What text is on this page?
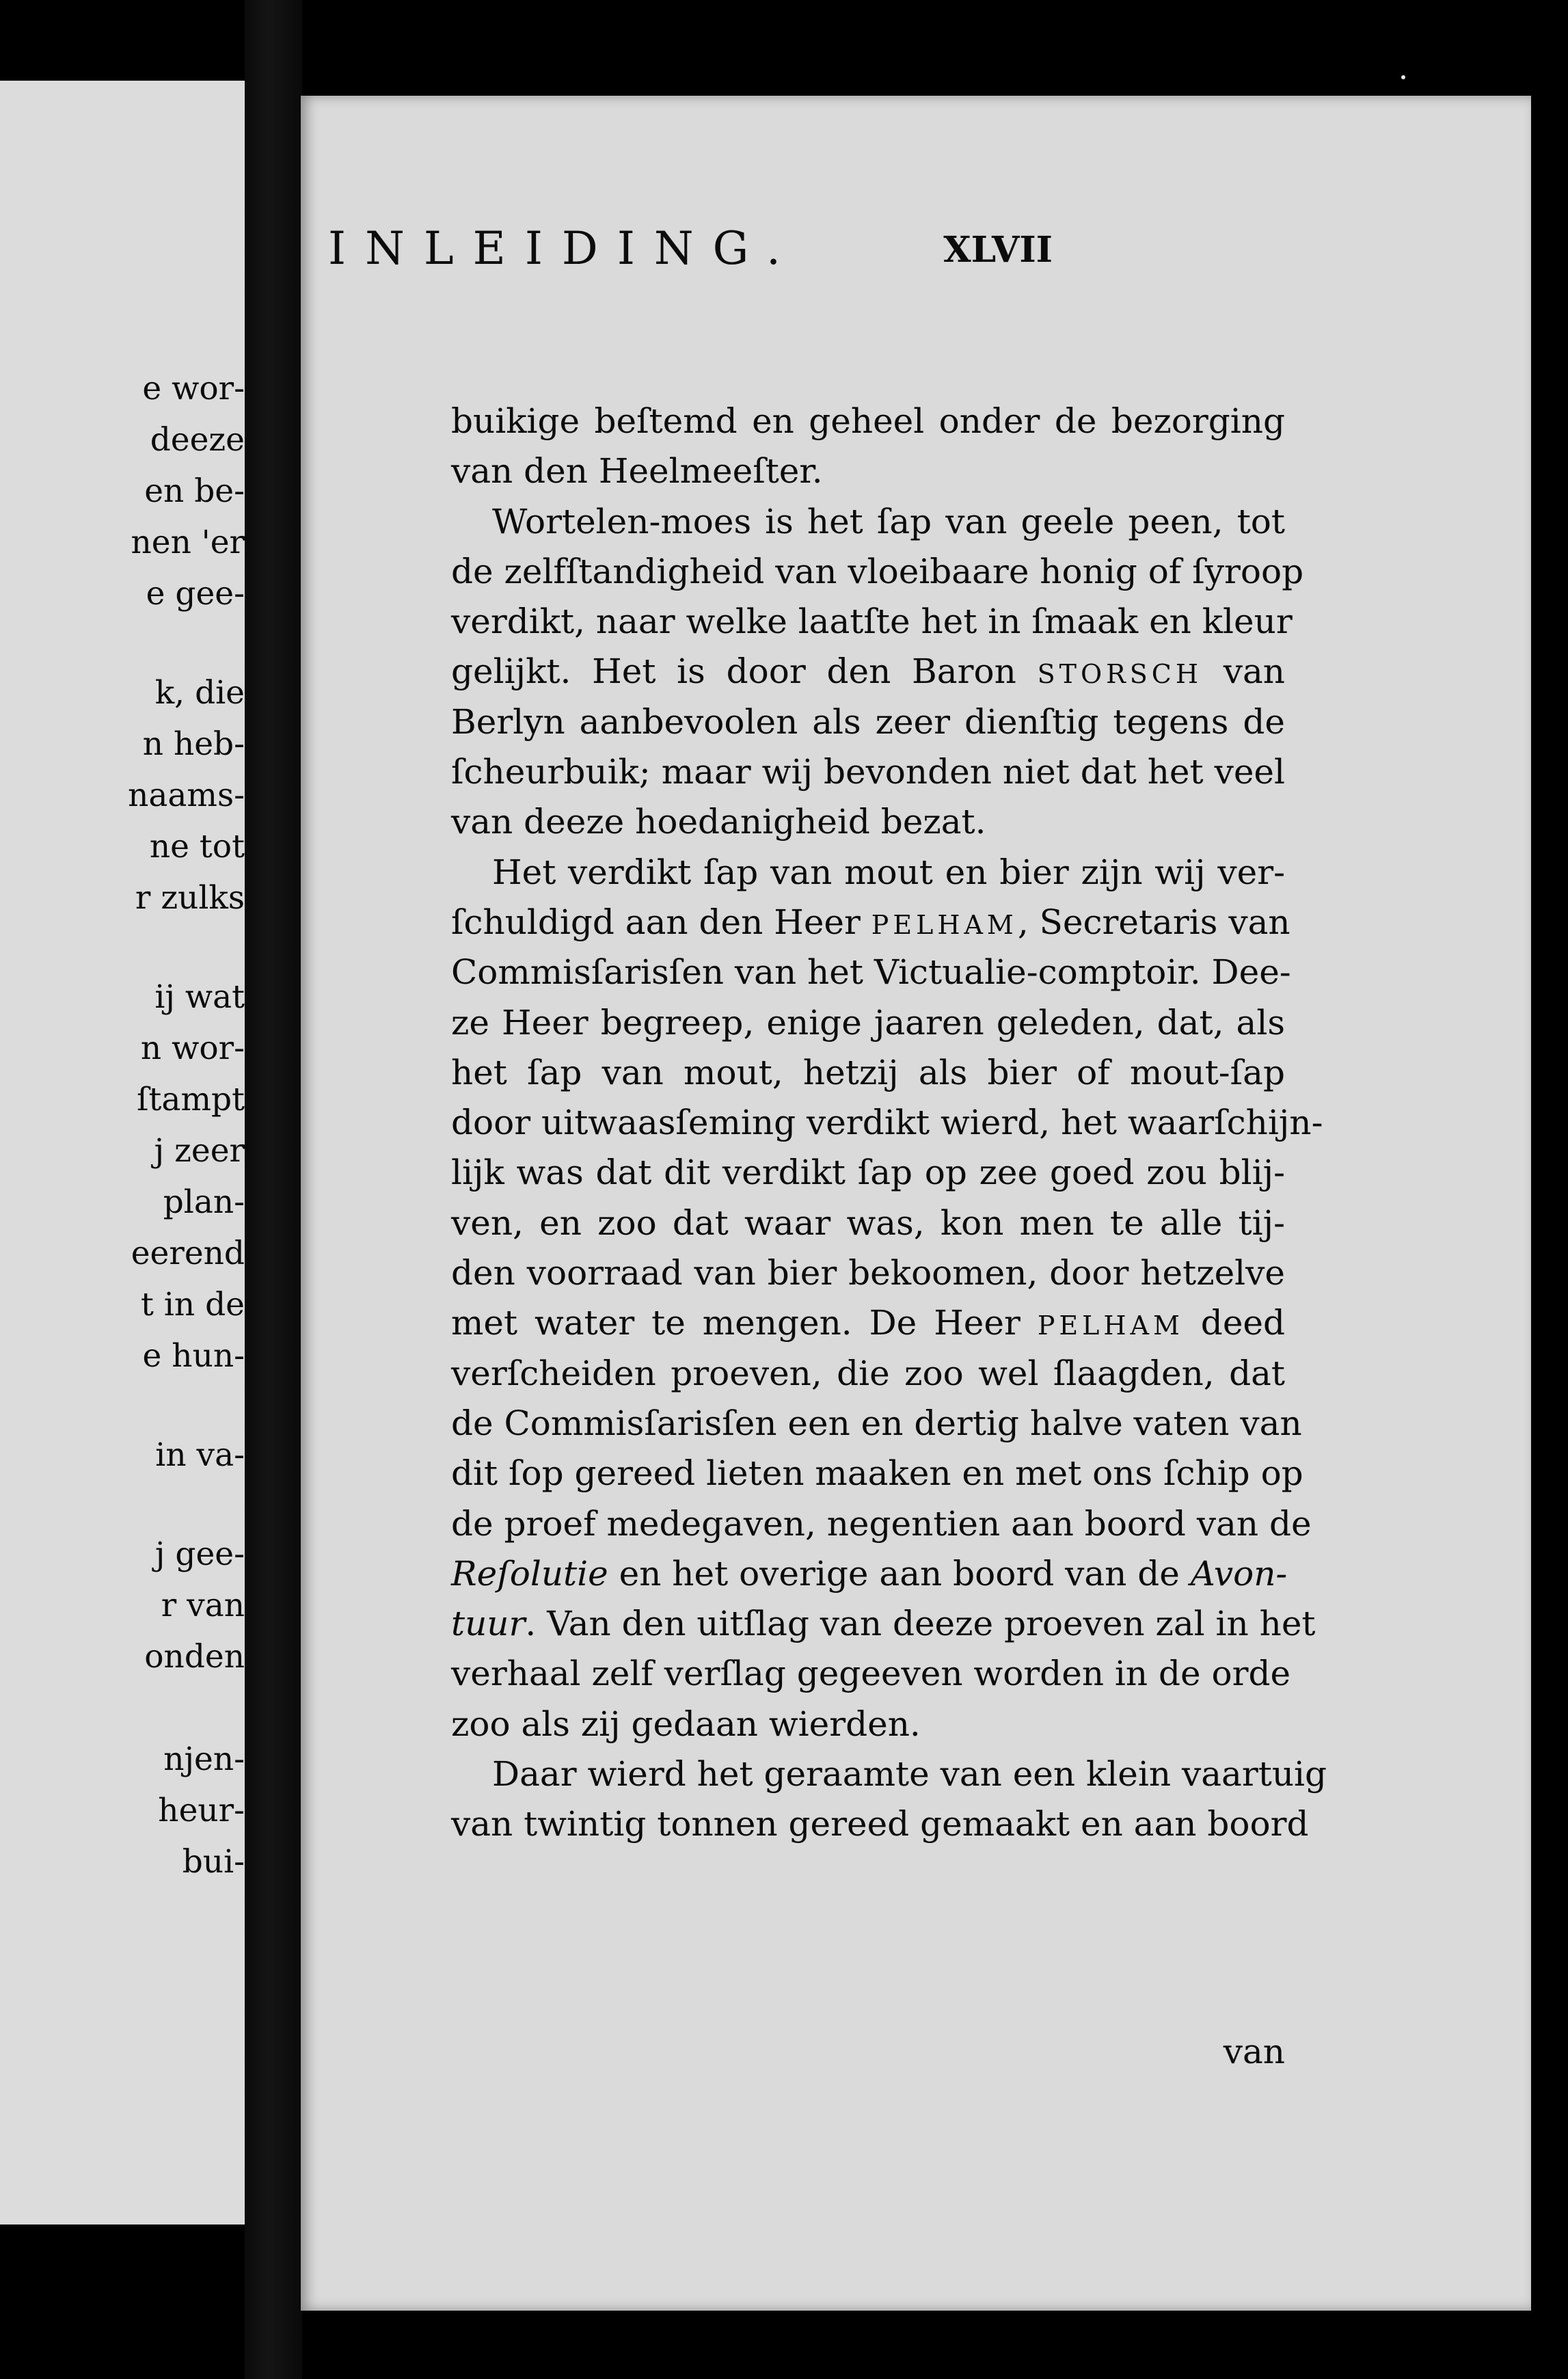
e wor-
deeze
en be-
nen 'er
e gee-
k, die
n heb-
naams-
ne tot
r zulks
ij wat
n wor-
ſtampt
j zeer
plan-
eerend
t in de
e hun-
in va-
j gee-
r van
onden
njen-
heur-
bui-
INLEIDING.	XLVII
buikige beſtemd en geheel onder de bezorging
van den Heelmeeſter.
Wortelen-moes is het ſap van geele peen, tot
de zelfſtandigheid van vloeibaare honig of ſyroop
verdikt, naar welke laatſte het in ſmaak en kleur
gelijkt. Het is door den Baron STORSCH van
Berlyn aanbevoolen als zeer dienſtig tegens de
ſcheurbuik; maar wij bevonden niet dat het veel
van deeze hoedanigheid bezat.
Het verdikt ſap van mout en bier zijn wij ver-
ſchuldigd aan den Heer PELHAM, Secretaris van
Commisſarisſen van het Victualie-comptoir. Dee-
ze Heer begreep, enige jaaren geleden, dat, als
het ſap van mout, hetzij als bier of mout-ſap
door uitwaasſeming verdikt wierd, het waarſchijn-
lijk was dat dit verdikt ſap op zee goed zou blij-
ven, en zoo dat waar was, kon men te alle tij-
den voorraad van bier bekoomen, door hetzelve
met water te mengen. De Heer PELHAM deed
verſcheiden proeven, die zoo wel ſlaagden, dat
de Commisſarisſen een en dertig halve vaten van
dit ſop gereed lieten maaken en met ons ſchip op
de proef medegaven, negentien aan boord van de
Reſolutie en het overige aan boord van de Avon-
tuur. Van den uitſlag van deeze proeven zal in het
verhaal zelf verſlag gegeeven worden in de orde
zoo als zij gedaan wierden.
Daar wierd het geraamte van een klein vaartuig
van twintig tonnen gereed gemaakt en aan boord
van
